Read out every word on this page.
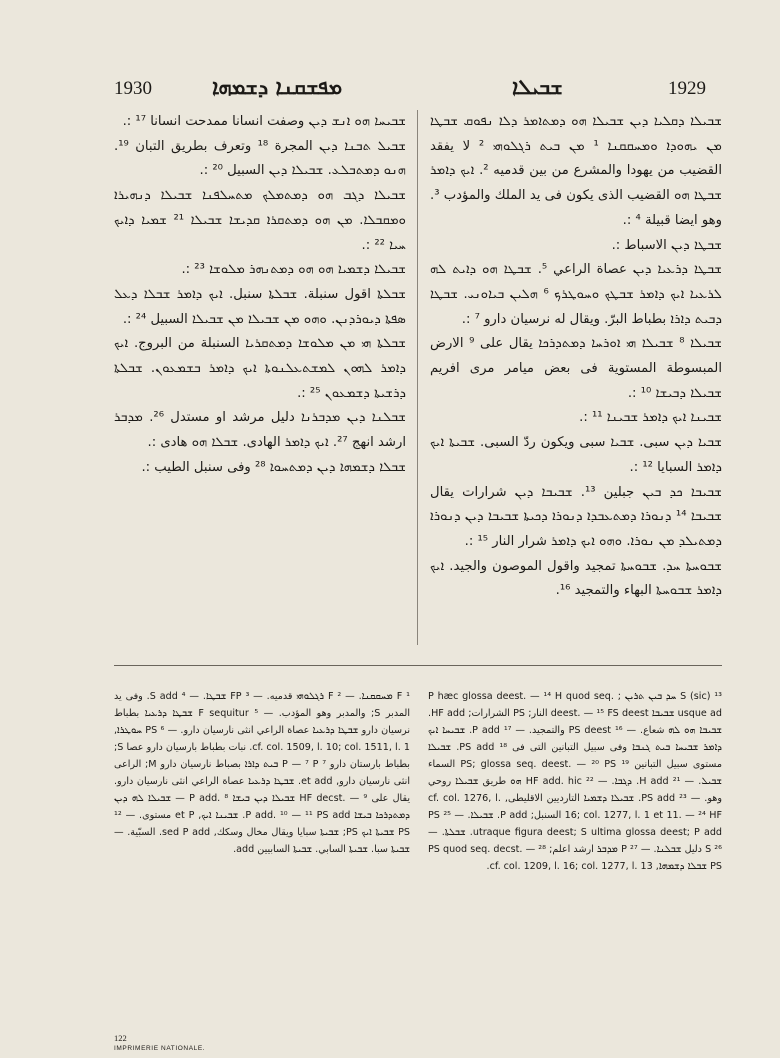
1930	ܡܦܫܩܢܐ ܕܫܡܗܐ	ܫܒܝܠܐ	1929

ܫܒܝܠܐ ܕܩܠܝܐ ܕܝܢ ܫܒܝܠܐ ܗܘ ܕܡܬܐܡܪ ܕܠܐ ܢܦܘܩ ܫܒܛܐ ܡܢ ܝܗܘܕܐ ܘܡܚܩܩܢܐ ¹ ܡܢ ܒܝܬ ܪܓܠܘܗܝ ² لا يفقد القضيب من يهودا والمشرع من بين قدميه ². ܐܝܟ ܕܐܡܪ ܫܒܛܐ ܗܘ القضيب الذى يكون فى يد الملك والمؤدب ³. وهو ايضا قبيلة ⁴ :.

ܫܒܛܐ ܕܝܢ الاسباط :.

ܫܒܛܐ ܕܪܥܝܐ ܕܝܢ عصاة الراعي ⁵. ܫܒܛܐ ܗܘ ܕܐܝܬ ܠܗ ܠܪܥܝܐ ܐܝܟ ܕܐܡܪ ܫܒܛܟ ܘܚܘܛܪܟ ⁶ ܗܠܝܢ ܒܝܐܘܢܝ. ܫܒܛܐ ܕܒܝܬ ܕܐܪܐ بطباط البرّ. ويقال له نرسيان دارو ⁷ :.

ܫܒܝܠܐ ⁸ ܫܒܝܠܐ ܗܝ ܐܘܪܚܐ ܕܡܬܕܪܟܐ يقال على ⁹ الارض المبسوطة المستوية فى بعض ميامر مرى افريم ܫܒܝܠܐ ܕܒܝܫܐ ¹⁰ :.

ܫܒܝܢܐ ܐܝܟ ܕܐܡܪ ܫܒܝܢܐ ¹¹ :.

ܫܒܝܐ ܕܝܢ سبى. ܫܒܝܐ سبى ويكون ردّ السبى. ܫܒܝܬܐ ܐܝܟ ܕܐܡܪ السبايا ¹² :.

ܫܒܝܒܐ ܟܕ ܒܝܢ جبلين ¹³. ܫܒܝܒܐ ܕܝܢ شرارات يقال ܫܒܝܒܐ ¹⁴ ܕܢܘܪܐ ܕܡܬܥܒܕܐ ܕܢܘܪܐ ܕܟܝܬܐ ܫܒܝܒܐ ܕܝܢ ܕܢܘܪܐ ܕܡܬܝܠܕ ܡܢ ܢܘܪܐ. ܘܗܘ ܐܝܟ ܕܐܡܪ شرار النار ¹⁵ :.

ܫܒܘܚܬܐ ܚܕ. ܫܒܘܚܬܐ تمجيد واقول الموصون والجيد. ܐܝܟ ܕܐܡܪ ܫܒܘܚܬܐ البهاء والتمجيد ¹⁶.

ܫܒܝܚܐ ܗܘ ܐܢܫ ܕܝܢ وصفت انسانا ممدحت انسانا ¹⁷ :.

ܫܒܝܠ ܬܒܢܐ ܕܝܢ المجرة ¹⁸ وتعرف بطريق التبان ¹⁹. ܗܢܘ ܕܡܬܒܠܥ. ܫܒܝܠܐ ܕܝܢ السبيل ²⁰ :.

ܫܒܝܠܐ ܕܓܒ ܗܘ ܕܡܬܡܠܟ ܡܬܚܠܦܢܐ ܫܒܝܠܐ ܕܢܗܝܪܐ ܘܡܩܒܠܐ. ܡܢ ܗܘ ܕܡܬܩܪܐ ܩܕܝܫܐ ܫܒܝܠܐ ²¹ ܫܡܝܐ ܕܐܝܟ ܚܝܐ ²² :.

ܫܒܝܠܐ ܕܫܡܝܐ ܗܘ ܗܘ ܕܡܬܢܗܪ ܡܠܘܫܐ ²³ :.

ܫܒܠܬܐ اقول سنبلة. ܫܒܠܬܐ سنبل. ܐܝܟ ܕܐܡܪ ܫܒܠܐ ܕܥܠ ܣܦܬܐ ܕܝܘܪܕܢܢ. ܘܗܘ ܡܢ ܫܒܝܠܐ ܡܢ ܫܒܝܠܐ السبيل ²⁴ :.

ܫܒܠܬܐ ܗܝ ܡܢ ܡܠܘܫܐ ܕܡܬܩܪܝܐ السنبلة من البروج. ܐܝܟ ܕܐܡܪ ܠܗܘܢ ܠܡܫܬܥܠܢܘܬܐ ܐܝܟ ܕܐܡܪ ܒܫܡܥܘܢ. ܫܒܠܬܐ ܕܪܫܝܬܐ ܕܫܡܥܘܢ ²⁵ :.

ܫܒܠܢܐ ܕܝܢ ܡܕܒܪܢܐ دليل مرشد او مستدل ²⁶. ܡܕܒܪ ارشد انهج ²⁷. ܐܝܟ ܕܐܡܪ الهادى. ܫܒܠܐ ܗܘ هادى :.

ܫܒܠܐ ܕܫܡܗܐ ܕܝܢ ܕܡܬܚܘܐ ²⁸ وفى سنبل الطيب :.

¹ F ܡܚܩܩܢܐ. — ² F ܪܓܠܘܗܝ قدميه. — ³ FP ܫܒܛܐ. — ⁴ S add. وفى يد المدبر S; والمدبر وهو المؤدب. — ⁵ F sequitur ܫܒܛܐ ܕܪܥܝܐ بطباط نرسيان دارو ܫܒܛܐ ܕܪܥܝܐ عصاة الراعي انثى نارسيان دارو. — ⁶ PS ܚܘܛܪܐ, cf. col. 1509, l. 10; col. 1511, l. 1. نبات بطباط بارسيان دارو عصا S; بطباط بارستان دارو ⁷ P — ⁷ P ܒܝܬ ܕܐܪܐ بصباط نارسيان دارو M; الراعى انثى نارسيان دارو, et add. ܫܒܛܐ ܕܪܥܝܐ عصاة الراعي انثى نارسيان دارو. يقال على HF decst. — ⁹ ܫܒܝܠܐ ܕܝܢ ܒܝܫܐ P add. ⁸ — ܫܒܝܠܐ ܠܗ ܕܝܢ ܕܡܬܕܪܟܐ ܒܝܫܐ P add. ¹⁰ — ¹¹ PS add. ܫܒܝܢܐ ܐܝܟ, et P مستوى. — ¹² PS ܫܒܝܬܐ ܐܝܟ PS; ܫܒܝܬܐ سبايا ويقال مخال وسكك, sed P add. السبّية. — ܫܒܝܬܐ سبا. ܫܒܝܬܐ السابي. ܫܒܝܬܐ السابيين add.

¹³ S (sic) ܚܕ ܒܝܢ ܬܪܝܢ ; P hæc glossa deest. — ¹⁴ H quod seq. usque ad ܫܒܝܒܐ deest. — ¹⁵ FS deest النار; PS الشرارات; HF add. ܫܒܝܒܐ ܗܘ ܠܗ شعاع. — ¹⁶ PS deest والتمجيد. — ¹⁷ P add. ܫܒܝܚܐ ܐܝܟ ܕܐܡܪ ܫܒܝܚܐ ܒܝܬ ܓܢܒܐ وفى سبيل التبانين التى فى ¹⁸ PS add. ܫܒܝܠܐ مستوى سبيل التبانين ¹⁹ PS; glossa seq. deest. — ²⁰ PS السماء ܫܒܝܠ. — ²¹ H add. ܕܓܒܐ. — ²² HF add. hic ܗܘ طريق ܫܒܝܠܐ روحي وهو. — ²³ PS add. ܫܒܝܠܐ ܕܫܡܝܐ التارديين الاقليطى, cf. col. 1276, l. 16; col. 1277, l. 1 et 11. — ²⁴ HF السنبل; P add. ܫܒܝܠܐ. — ²⁵ PS utraque figura deest; S ultima glossa deest; P add. ܫܒܠܬܐ. — ²⁶ S دليل ܫܒܠܢܐ. — ²⁷ P ܡܕܒܪ ارشد اعلم; PS quod seq. decst. — ²⁸ PS ܫܒܠܐ ܕܫܡܗܐ, cf. col. 1209, l. 16; col. 1277, l. 13.

122
IMPRIMERIE NATIONALE.
